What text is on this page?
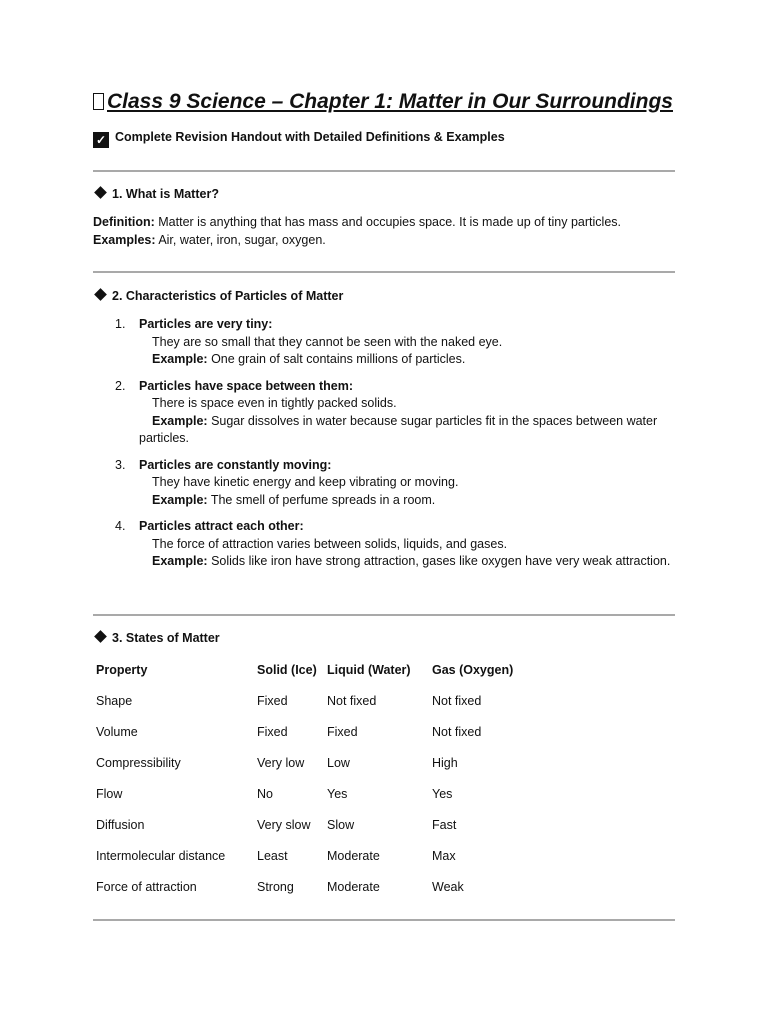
Class 9 Science – Chapter 1: Matter in Our Surroundings
✓ Complete Revision Handout with Detailed Definitions & Examples
1. What is Matter?
Definition: Matter is anything that has mass and occupies space. It is made up of tiny particles.
Examples: Air, water, iron, sugar, oxygen.
2. Characteristics of Particles of Matter
1. Particles are very tiny:
They are so small that they cannot be seen with the naked eye.
Example: One grain of salt contains millions of particles.
2. Particles have space between them:
There is space even in tightly packed solids.
Example: Sugar dissolves in water because sugar particles fit in the spaces between water particles.
3. Particles are constantly moving:
They have kinetic energy and keep vibrating or moving.
Example: The smell of perfume spreads in a room.
4. Particles attract each other:
The force of attraction varies between solids, liquids, and gases.
Example: Solids like iron have strong attraction, gases like oxygen have very weak attraction.
3. States of Matter
Property	Solid (Ice)	Liquid (Water)	Gas (Oxygen)
Shape	Fixed	Not fixed	Not fixed
Volume	Fixed	Fixed	Not fixed
Compressibility	Very low	Low	High
Flow	No	Yes	Yes
Diffusion	Very slow	Slow	Fast
Intermolecular distance	Least	Moderate	Max
Force of attraction	Strong	Moderate	Weak
